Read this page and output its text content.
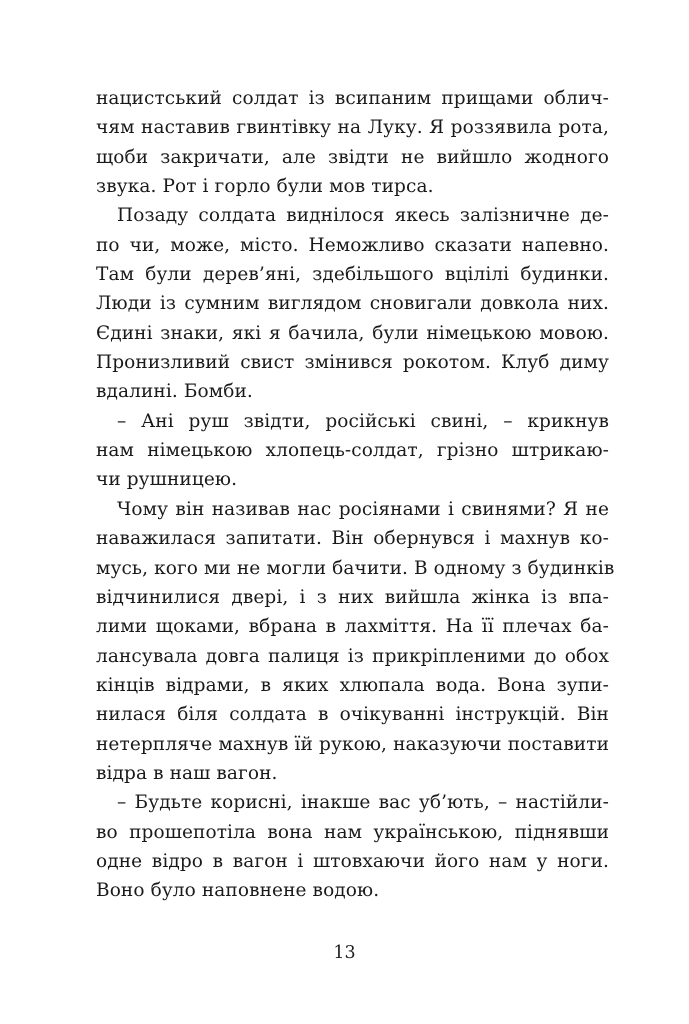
нацистський солдат із всипаним прищами облич-
чям наставив гвинтівку на Луку. Я роззявила рота,
щоби закричати, але звідти не вийшло жодного
звука. Рот і горло були мов тирса.
Позаду солдата виднілося якесь залізничне де-
по чи, може, місто. Неможливо сказати напевно.
Там були дерев’яні, здебільшого вцілілі будинки.
Люди із сумним виглядом сновигали довкола них.
Єдині знаки, які я бачила, були німецькою мовою.
Пронизливий свист змінився рокотом. Клуб диму
вдалині. Бомби.
– Ані руш звідти, російські свині, – крикнув
нам німецькою хлопець-солдат, грізно штрикаю-
чи рушницею.
Чому він називав нас росіянами і свинями? Я не
наважилася запитати. Він обернувся і махнув ко-
мусь, кого ми не могли бачити. В одному з будинків
відчинилися двері, і з них вийшла жінка із впа-
лими щоками, вбрана в лахміття. На її плечах ба-
лансувала довга палиця із прикріпленими до обох
кінців відрами, в яких хлюпала вода. Вона зупи-
нилася біля солдата в очікуванні інструкцій. Він
нетерпляче махнув їй рукою, наказуючи поставити
відра в наш вагон.
– Будьте корисні, інакше вас уб’ють, – настійли-
во прошепотіла вона нам українською, піднявши
одне відро в вагон і штовхаючи його нам у ноги.
Воно було наповнене водою.
13
